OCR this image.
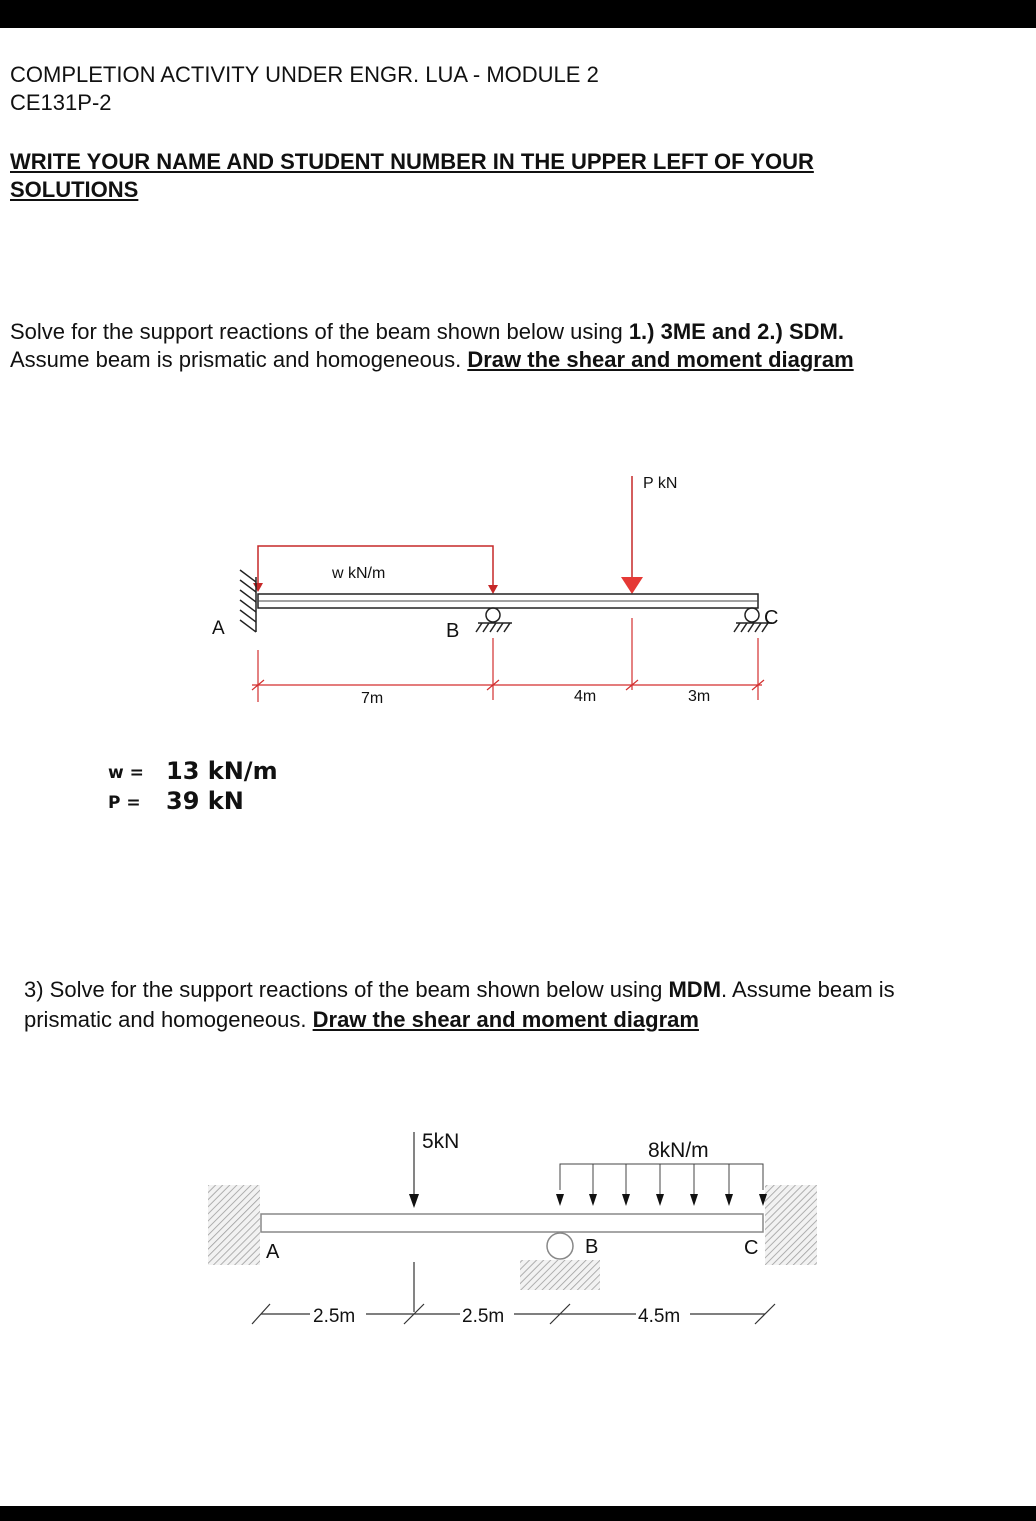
COMPLETION ACTIVITY UNDER ENGR. LUA - MODULE 2
CE131P-2
WRITE YOUR NAME AND STUDENT NUMBER IN THE UPPER LEFT OF YOUR
SOLUTIONS
Solve for the support reactions of the beam shown below using 1.) 3ME and 2.) SDM.
Assume beam is prismatic and homogeneous. Draw the shear and moment diagram
w kN/m
P kN
A	B
C
7m	4m	3m
w = 13 kN/m
P = 39 kN
3) Solve for the support reactions of the beam shown below using MDM. Assume beam is
prismatic and homogeneous. Draw the shear and moment diagram
5kN	8kN/m
A	B	C
2.5m	2.5m	4.5m
